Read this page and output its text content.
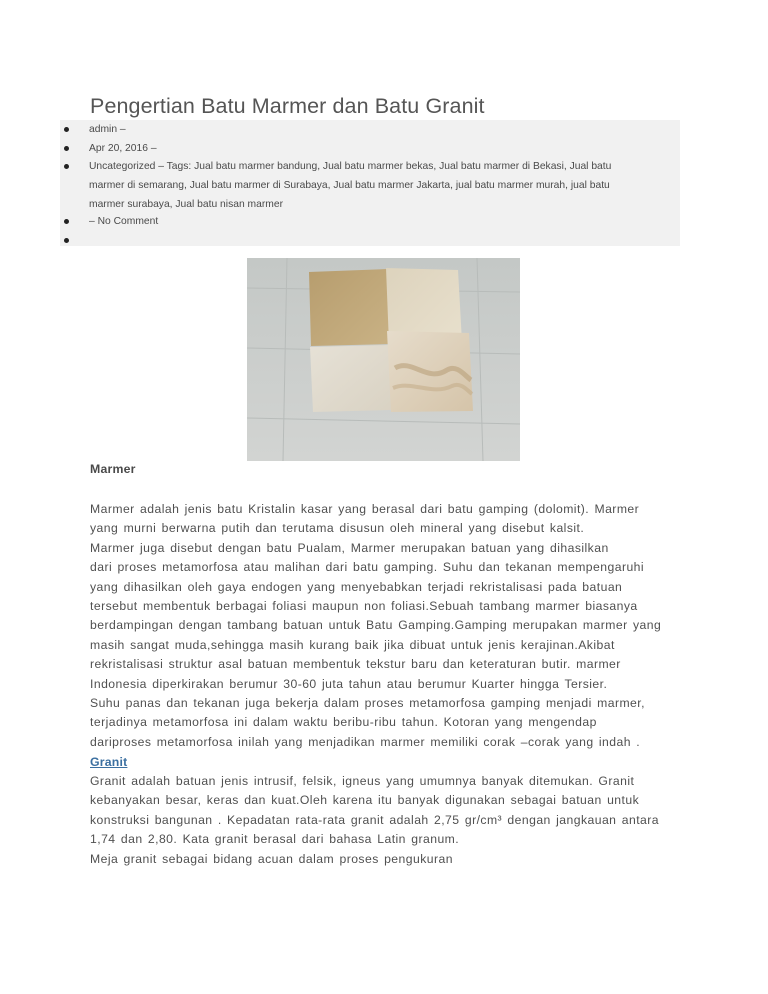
Pengertian Batu Marmer dan Batu Granit
admin –
Apr 20, 2016 –
Uncategorized – Tags: Jual batu marmer bandung, Jual batu marmer bekas, Jual batu marmer di Bekasi, Jual batu
marmer di semarang, Jual batu marmer di Surabaya, Jual batu marmer Jakarta, jual batu marmer murah, jual batu
marmer surabaya, Jual batu nisan marmer
– No Comment
Marmer
Marmer adalah jenis batu Kristalin kasar yang berasal dari batu gamping (dolomit). Marmer
yang murni berwarna putih dan terutama disusun oleh mineral yang disebut kalsit.
Marmer juga disebut dengan batu Pualam, Marmer merupakan batuan yang dihasilkan
dari proses metamorfosa atau malihan dari batu gamping. Suhu dan tekanan mempengaruhi
yang dihasilkan oleh gaya endogen yang menyebabkan terjadi rekristalisasi pada batuan
tersebut membentuk berbagai foliasi maupun non foliasi.Sebuah tambang marmer biasanya
berdampingan dengan tambang batuan untuk Batu Gamping.Gamping merupakan marmer yang
masih sangat muda,sehingga masih kurang baik jika dibuat untuk jenis kerajinan.Akibat
rekristalisasi struktur asal batuan membentuk tekstur baru dan keteraturan butir. marmer
Indonesia diperkirakan berumur 30-60 juta tahun atau berumur Kuarter hingga Tersier.
Suhu panas dan tekanan juga bekerja dalam proses metamorfosa gamping menjadi marmer,
terjadinya metamorfosa ini dalam waktu beribu-ribu tahun. Kotoran yang mengendap
dariproses metamorfosa inilah yang menjadikan marmer memiliki corak –corak yang indah .
Granit
Granit adalah batuan jenis intrusif, felsik, igneus yang umumnya banyak ditemukan. Granit
kebanyakan besar, keras dan kuat.Oleh karena itu banyak digunakan sebagai batuan untuk
konstruksi bangunan . Kepadatan rata-rata granit adalah 2,75 gr/cm³ dengan jangkauan antara
1,74 dan 2,80. Kata granit berasal dari bahasa Latin granum.
Meja granit sebagai bidang acuan dalam proses pengukuran
